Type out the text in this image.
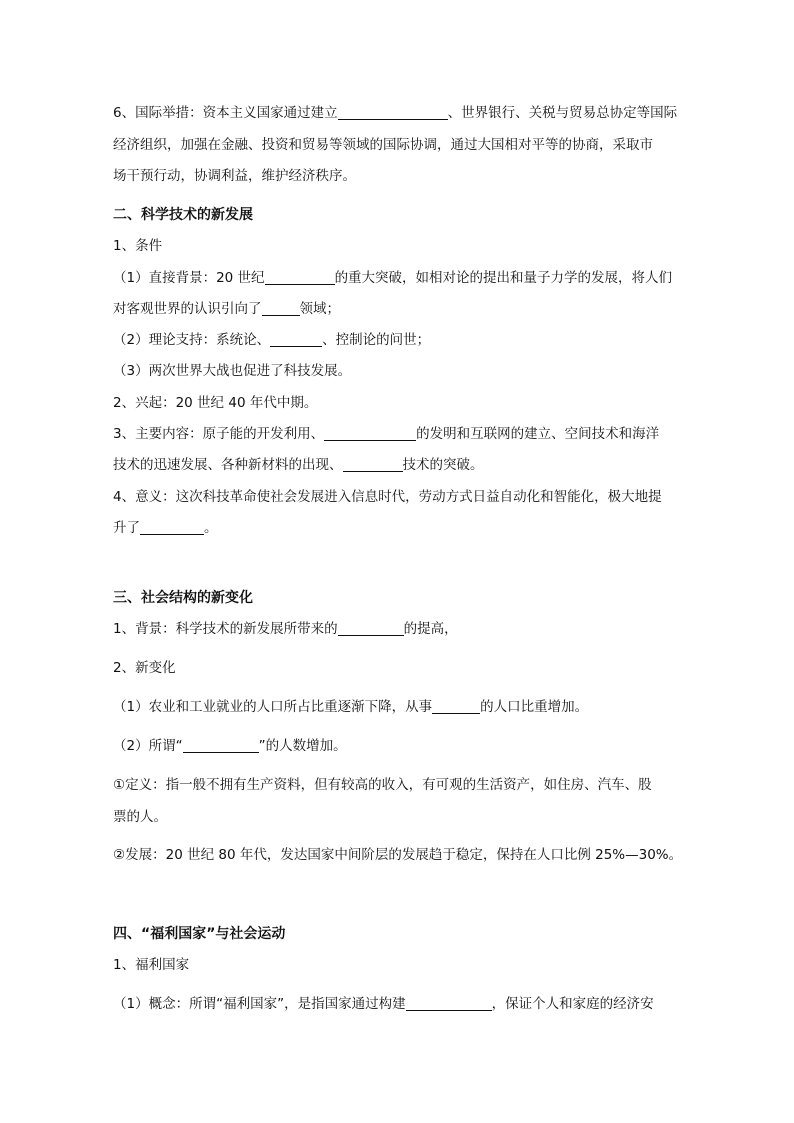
6、国际举措：资本主义国家通过建立	、世界银行、关税与贸易总协定等国际
经济组织，加强在金融、投资和贸易等领域的国际协调，通过大国相对平等的协商，采取市
场干预行动，协调利益，维护经济秩序。
二、科学技术的新发展
1、条件
（1）直接背景：20 世纪	的重大突破，如相对论的提出和量子力学的发展，将人们
对客观世界的认识引向了	领域；
（2）理论支持：系统论、	、控制论的问世；
（3）两次世界大战也促进了科技发展。
2、兴起：20 世纪 40 年代中期。
3、主要内容：原子能的开发利用、	的发明和互联网的建立、空间技术和海洋
技术的迅速发展、各种新材料的出现、	技术的突破。
4、意义：这次科技革命使社会发展进入信息时代，劳动方式日益自动化和智能化，极大地提
升了	。
三、社会结构的新变化
1、背景：科学技术的新发展所带来的	的提高，
2、新变化
（1）农业和工业就业的人口所占比重逐渐下降，从事	的人口比重增加。
（2）所谓“	”的人数增加。
①定义：指一般不拥有生产资料，但有较高的收入，有可观的生活资产，如住房、汽车、股
票的人。
②发展：20 世纪 80 年代，发达国家中间阶层的发展趋于稳定，保持在人口比例 25%—30%。
四、“福利国家”与社会运动
1、福利国家
（1）概念：所谓“福利国家”，是指国家通过构建	，保证个人和家庭的经济安
